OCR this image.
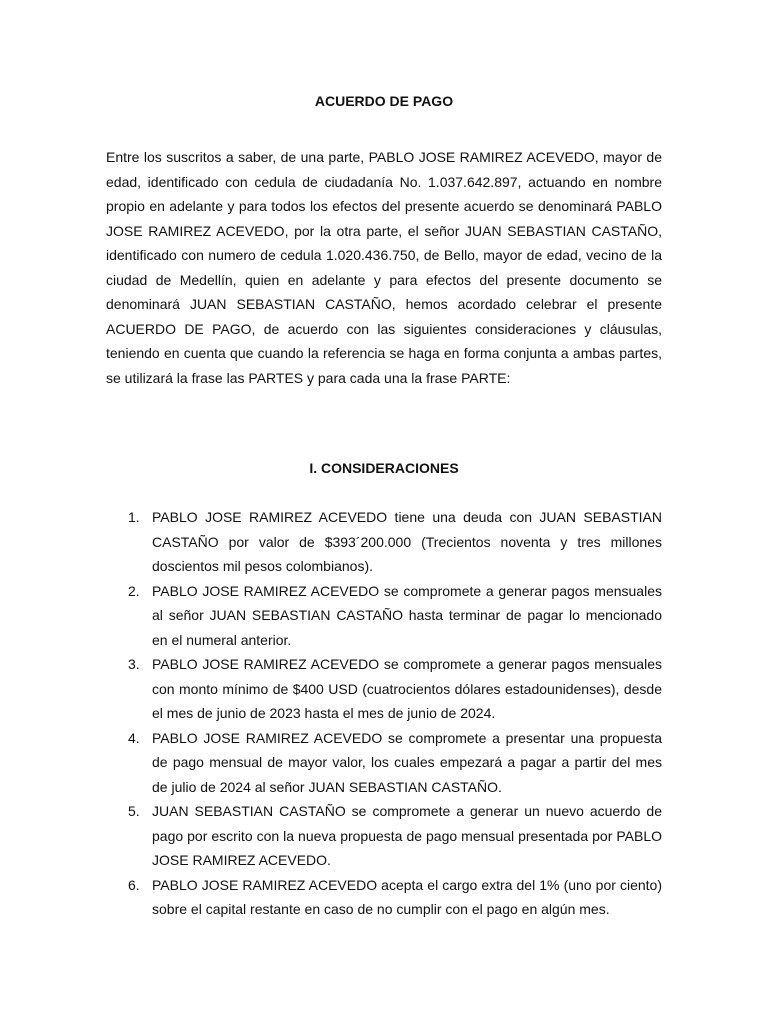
ACUERDO DE PAGO

Entre los suscritos a saber, de una parte, PABLO JOSE RAMIREZ ACEVEDO, mayor de edad, identificado con cedula de ciudadanía No. 1.037.642.897, actuando en nombre propio en adelante y para todos los efectos del presente acuerdo se denominará PABLO JOSE RAMIREZ ACEVEDO, por la otra parte, el señor JUAN SEBASTIAN CASTAÑO, identificado con numero de cedula 1.020.436.750, de Bello, mayor de edad, vecino de la ciudad de Medellín, quien en adelante y para efectos del presente documento se denominará JUAN SEBASTIAN CASTAÑO, hemos acordado celebrar el presente ACUERDO DE PAGO, de acuerdo con las siguientes consideraciones y cláusulas, teniendo en cuenta que cuando la referencia se haga en forma conjunta a ambas partes, se utilizará la frase las PARTES y para cada una la frase PARTE:

I. CONSIDERACIONES
1. PABLO JOSE RAMIREZ ACEVEDO tiene una deuda con JUAN SEBASTIAN CASTAÑO por valor de $393´200.000 (Trecientos noventa y tres millones doscientos mil pesos colombianos).
2. PABLO JOSE RAMIREZ ACEVEDO se compromete a generar pagos mensuales al señor JUAN SEBASTIAN CASTAÑO hasta terminar de pagar lo mencionado en el numeral anterior.
3. PABLO JOSE RAMIREZ ACEVEDO se compromete a generar pagos mensuales con monto mínimo de $400 USD (cuatrocientos dólares estadounidenses), desde el mes de junio de 2023 hasta el mes de junio de 2024.
4. PABLO JOSE RAMIREZ ACEVEDO se compromete a presentar una propuesta de pago mensual de mayor valor, los cuales empezará a pagar a partir del mes de julio de 2024 al señor JUAN SEBASTIAN CASTAÑO.
5. JUAN SEBASTIAN CASTAÑO se compromete a generar un nuevo acuerdo de pago por escrito con la nueva propuesta de pago mensual presentada por PABLO JOSE RAMIREZ ACEVEDO.
6. PABLO JOSE RAMIREZ ACEVEDO acepta el cargo extra del 1% (uno por ciento) sobre el capital restante en caso de no cumplir con el pago en algún mes.
